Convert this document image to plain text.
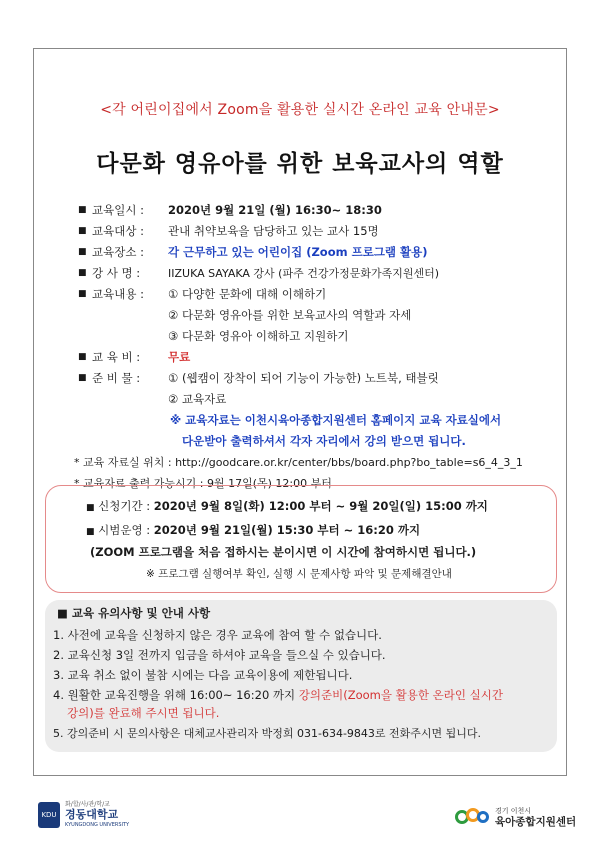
<각 어린이집에서 Zoom을 활용한 실시간 온라인 교육 안내문>
다문화 영유아를 위한 보육교사의 역할
■ 교육일시 :	2020년 9월 21일 (월) 16:30~ 18:30
■ 교육대상 :	관내 취약보육을 담당하고 있는 교사 15명
■ 교육장소 :	각 근무하고 있는 어린이집 (Zoom 프로그램 활용)
■ 강 사 명 :	IIZUKA SAYAKA 강사 (파주 건강가정문화가족지원센터)
■ 교육내용 :	① 다양한 문화에 대해 이해하기
② 다문화 영유아를 위한 보육교사의 역할과 자세
③ 다문화 영유아 이해하고 지원하기
■ 교 육 비 :	무료
■ 준 비 물 :	① (웹캠이 장착이 되어 기능이 가능한) 노트북, 태블릿
② 교육자료
※ 교육자료는 이천시육아종합지원센터 홈페이지 교육 자료실에서
다운받아 출력하셔서 각자 자리에서 강의 받으면 됩니다.
* 교육 자료실 위치 : http://goodcare.or.kr/center/bbs/board.php?bo_table=s6_4_3_1
* 교육자료 출력 가능시기 : 9월 17일(목) 12:00 부터
■ 신청기간 : 2020년 9월 8일(화) 12:00 부터 ~ 9월 20일(일) 15:00 까지
■ 시범운영 : 2020년 9월 21일(월) 15:30 부터 ~ 16:20 까지
(ZOOM 프로그램을 처음 접하시는 분이시면 이 시간에 참여하시면 됩니다.)
※ 프로그램 실행여부 확인, 실행 시 문제사항 파악 및 문제해결안내
■ 교육 유의사항 및 안내 사항
1. 사전에 교육을 신청하지 않은 경우 교육에 참여 할 수 없습니다.
2. 교육신청 3일 전까지 입금을 하셔야 교육을 들으실 수 있습니다.
3. 교육 취소 없이 불참 시에는 다음 교육이용에 제한됩니다.
4. 원활한 교육진행을 위해 16:00~ 16:20 까지 강의준비(Zoom을 활용한 온라인 실시간
강의)를 완료해 주시면 됩니다.
5. 강의준비 시 문의사항은 대체교사관리자 박정희 031-634-9843로 전화주시면 됩니다.
KDU
화/합/사/관/학/교
경동대학교
KYUNGDONG UNIVERSITY
경기 이천시
육아종합지원센터
